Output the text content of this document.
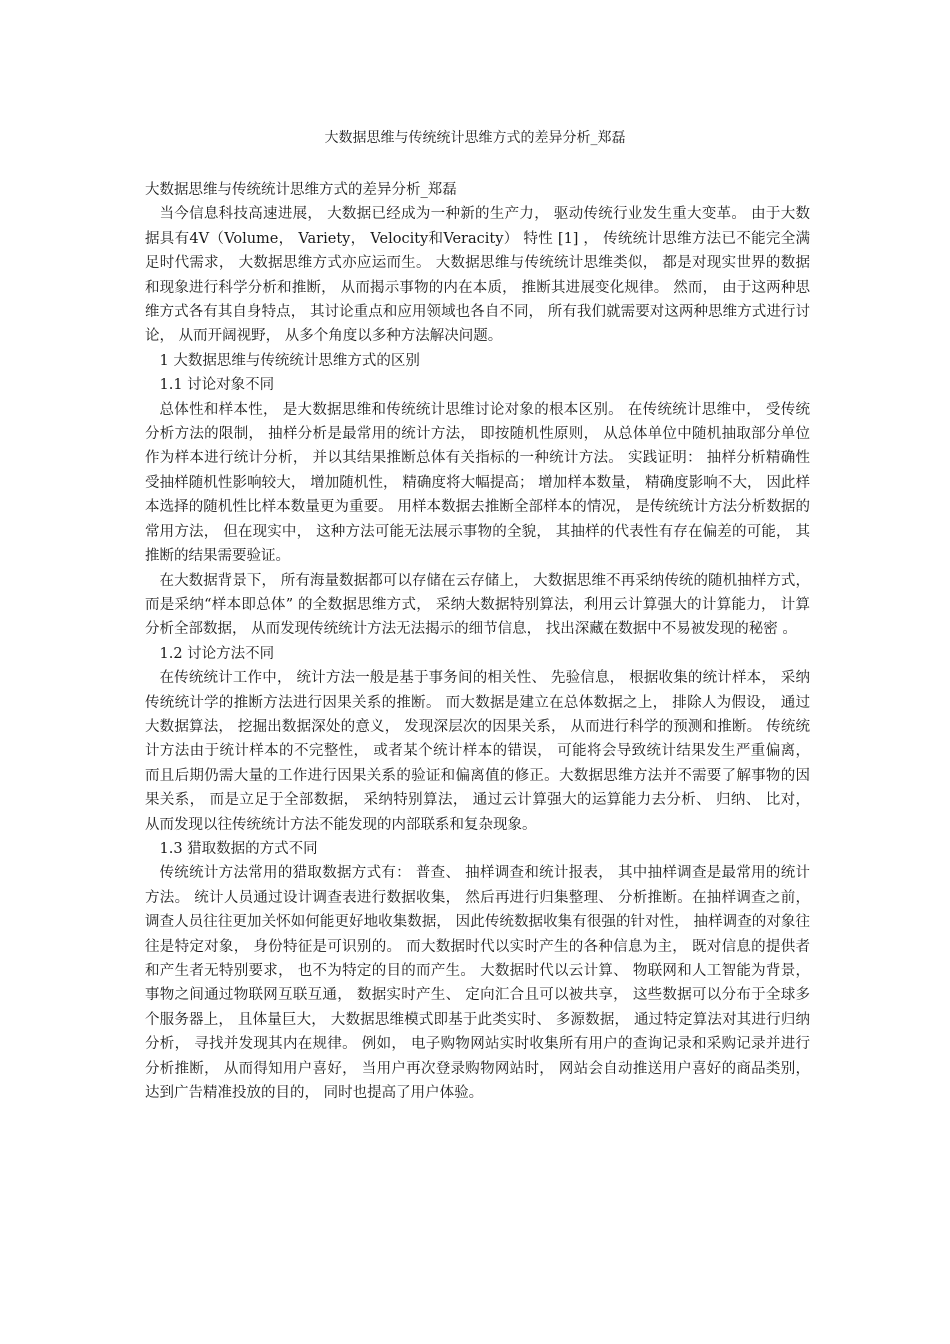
大数据思维与传统统计思维方式的差异分析_郑磊

大数据思维与传统统计思维方式的差异分析_郑磊

当今信息科技高速进展， 大数据已经成为一种新的生产力， 驱动传统行业发生重大变革。 由于大数据具有4V（Volume， Variety， Velocity和Veracity） 特性 [1] ， 传统统计思维方法已不能完全满足时代需求， 大数据思维方式亦应运而生。 大数据思维与传统统计思维类似， 都是对现实世界的数据和现象进行科学分析和推断， 从而揭示事物的内在本质， 推断其进展变化规律。 然而， 由于这两种思维方式各有其自身特点， 其讨论重点和应用领域也各自不同， 所有我们就需要对这两种思维方式进行讨论， 从而开阔视野， 从多个角度以多种方法解决问题。

1 大数据思维与传统统计思维方式的区别

1.1 讨论对象不同

总体性和样本性， 是大数据思维和传统统计思维讨论对象的根本区别。 在传统统计思维中， 受传统分析方法的限制， 抽样分析是最常用的统计方法， 即按随机性原则， 从总体单位中随机抽取部分单位作为样本进行统计分析， 并以其结果推断总体有关指标的一种统计方法。 实践证明： 抽样分析精确性受抽样随机性影响较大， 增加随机性， 精确度将大幅提高； 增加样本数量， 精确度影响不大， 因此样本选择的随机性比样本数量更为重要。 用样本数据去推断全部样本的情况， 是传统统计方法分析数据的常用方法， 但在现实中， 这种方法可能无法展示事物的全貌， 其抽样的代表性有存在偏差的可能， 其推断的结果需要验证。

在大数据背景下， 所有海量数据都可以存储在云存储上， 大数据思维不再采纳传统的随机抽样方式， 而是采纳“样本即总体” 的全数据思维方式， 采纳大数据特别算法，利用云计算强大的计算能力， 计算分析全部数据， 从而发现传统统计方法无法揭示的细节信息， 找出深藏在数据中不易被发现的秘密 。

1.2 讨论方法不同

在传统统计工作中， 统计方法一般是基于事务间的相关性、 先验信息， 根据收集的统计样本， 采纳传统统计学的推断方法进行因果关系的推断。 而大数据是建立在总体数据之上， 排除人为假设， 通过大数据算法， 挖掘出数据深处的意义， 发现深层次的因果关系， 从而进行科学的预测和推断。 传统统计方法由于统计样本的不完整性， 或者某个统计样本的错误， 可能将会导致统计结果发生严重偏离， 而且后期仍需大量的工作进行因果关系的验证和偏离值的修正。大数据思维方法并不需要了解事物的因果关系， 而是立足于全部数据， 采纳特别算法， 通过云计算强大的运算能力去分析、 归纳、 比对， 从而发现以往传统统计方法不能发现的内部联系和复杂现象。

1.3 猎取数据的方式不同

传统统计方法常用的猎取数据方式有： 普查、 抽样调查和统计报表， 其中抽样调查是最常用的统计方法。 统计人员通过设计调查表进行数据收集， 然后再进行归集整理、 分析推断。在抽样调查之前， 调查人员往往更加关怀如何能更好地收集数据， 因此传统数据收集有很强的针对性， 抽样调查的对象往往是特定对象， 身份特征是可识别的。 而大数据时代以实时产生的各种信息为主， 既对信息的提供者和产生者无特别要求， 也不为特定的目的而产生。 大数据时代以云计算、 物联网和人工智能为背景， 事物之间通过物联网互联互通， 数据实时产生、 定向汇合且可以被共享， 这些数据可以分布于全球多个服务器上， 且体量巨大， 大数据思维模式即基于此类实时、 多源数据， 通过特定算法对其进行归纳分析， 寻找并发现其内在规律。 例如， 电子购物网站实时收集所有用户的查询记录和采购记录并进行分析推断， 从而得知用户喜好， 当用户再次登录购物网站时， 网站会自动推送用户喜好的商品类别， 达到广告精准投放的目的， 同时也提高了用户体验。
